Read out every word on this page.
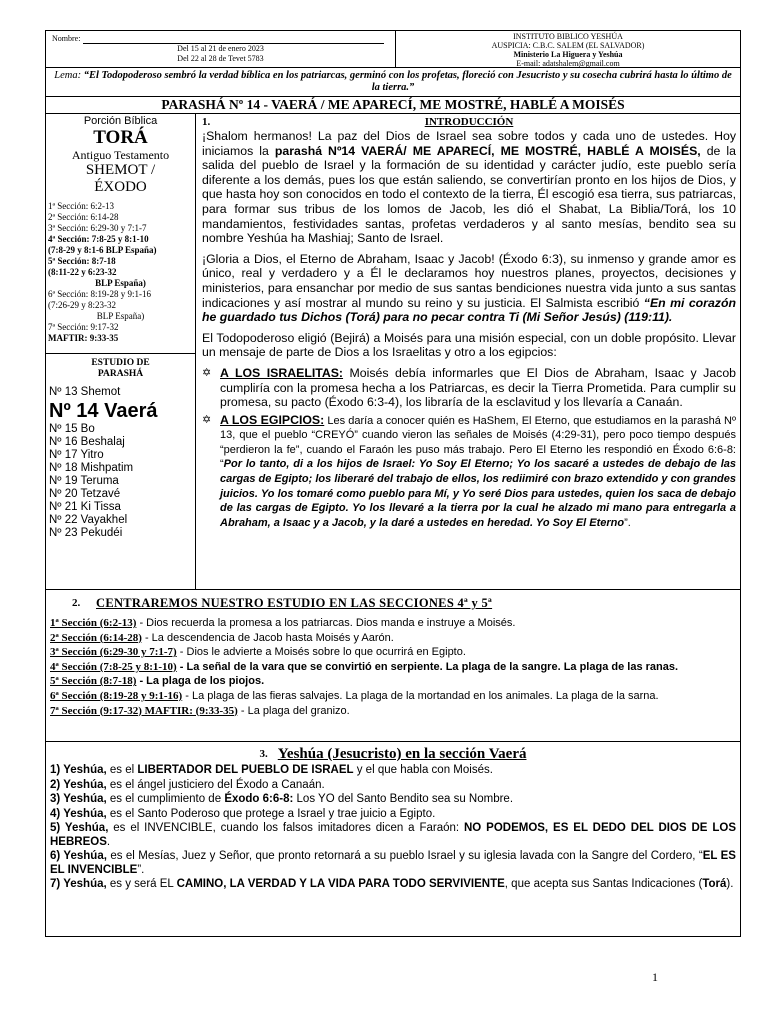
Nombre:
Del 15 al 21 de enero 2023
Del 22 al 28 de Tevet 5783
INSTITUTO BIBLICO YESHÚA
AUSPICIA: C.B.C. SALEM (EL SALVADOR)
Ministerio La Higuera y Yeshúa
E-mail: adatshalem@gmail.com
Lema: “El Todopoderoso sembró la verdad bíblica en los patriarcas, germinó con los profetas, floreció con Jesucristo y su cosecha cubrirá hasta lo último de la tierra.”
PARASHÁ Nº 14 - VAERÁ / ME APARECÍ, ME MOSTRÉ, HABLÉ A MOISÉS
Porción Bíblica
TORÁ
Antiguo Testamento
SHEMOT /
ÉXODO
1ª Sección: 6:2-13
2ª Sección: 6:14-28
3ª Sección: 6:29-30 y 7:1-7
4ª Sección: 7:8-25 y 8:1-10
(7:8-29 y 8:1-6 BLP España)
5ª Sección: 8:7-18
(8:11-22 y 6:23-32
BLP España)
6ª Sección: 8:19-28 y 9:1-16
(7:26-29 y 8:23-32
BLP España)
7ª Sección: 9:17-32
MAFTIR: 9:33-35
ESTUDIO DE
PARASHÁ
Nº 13 Shemot
Nº 14 Vaerá
Nº 15 Bo
Nº 16 Beshalaj
Nº 17 Yitro
Nº 18 Mishpatim
Nº 19 Teruma
Nº 20 Tetzavé
Nº 21 Ki Tissa
Nº 22 Vayakhel
Nº 23 Pekudéi
1.	INTRODUCCIÓN

¡Shalom hermanos! La paz del Dios de Israel sea sobre todos y cada uno de ustedes. Hoy iniciamos la parashá Nº14 VAERÁ/ ME APARECÍ, ME MOSTRÉ, HABLÉ A MOISÉS, de la salida del pueblo de Israel y la formación de su identidad y carácter judío, este pueblo sería diferente a los demás, pues los que están saliendo, se convertirían pronto en los hijos de Dios, y que hasta hoy son conocidos en todo el contexto de la tierra, Él escogió esa tierra, sus patriarcas, para formar sus tribus de los lomos de Jacob, les dió el Shabat, La Biblia/Torá, los 10 mandamientos, festividades santas, profetas verdaderos y al santo mesías, bendito sea su nombre Yeshúa ha Mashiaj; Santo de Israel.

¡Gloria a Dios, el Eterno de Abraham, Isaac y Jacob! (Éxodo 6:3), su inmenso y grande amor es único, real y verdadero y a Él le declaramos hoy nuestros planes, proyectos, decisiones y ministerios, para ensanchar por medio de sus santas bendiciones nuestra vida junto a sus santas indicaciones y así mostrar al mundo su reino y su justicia. El Salmista escribió “En mi corazón he guardado tus Dichos (Torá) para no pecar contra Ti (Mi Señor Jesús) (119:11).

El Todopoderoso eligió (Bejirá) a Moisés para una misión especial, con un doble propósito. Llevar un mensaje de parte de Dios a los Israelitas y otro a los egipcios:

✡ A LOS ISRAELITAS: Moisés debía informarles que El Dios de Abraham, Isaac y Jacob cumpliría con la promesa hecha a los Patriarcas, es decir la Tierra Prometida. Para cumplir su promesa, su pacto (Éxodo 6:3-4), los libraría de la esclavitud y los llevaría a Canaán.
✡ A LOS EGIPCIOS: Les daría a conocer quién es HaShem, El Eterno, que estudiamos en la parashá Nº 13, que el pueblo “CREYÓ” cuando vieron las señales de Moisés (4:29-31), pero poco tiempo después “perdieron la fe”, cuando el Faraón les puso más trabajo. Pero El Eterno les respondió en Éxodo 6:6-8: “Por lo tanto, di a los hijos de Israel: Yo Soy El Eterno; Yo los sacaré a ustedes de debajo de las cargas de Egipto; los liberaré del trabajo de ellos, los rediimiré con brazo extendido y con grandes juicios. Yo los tomaré como pueblo para Mí, y Yo seré Dios para ustedes, quien los saca de debajo de las cargas de Egipto. Yo los llevaré a la tierra por la cual he alzado mi mano para entregarla a Abraham, a Isaac y a Jacob, y la daré a ustedes en heredad. Yo Soy El Eterno”.
2.	CENTRAREMOS NUESTRO ESTUDIO EN LAS SECCIONES 4ª y 5ª
1ª Sección (6:2-13) - Dios recuerda la promesa a los patriarcas. Dios manda e instruye a Moisés.
2ª Sección (6:14-28) - La descendencia de Jacob hasta Moisés y Aarón.
3ª Sección (6:29-30 y 7:1-7) - Dios le advierte a Moisés sobre lo que ocurrirá en Egipto.
4ª Sección (7:8-25 y 8:1-10) - La señal de la vara que se convirtió en serpiente. La plaga de la sangre. La plaga de las ranas.
5ª Sección (8:7-18) - La plaga de los piojos.
6ª Sección (8:19-28 y 9:1-16) - La plaga de las fieras salvajes. La plaga de la mortandad en los animales. La plaga de la sarna.
7ª Sección (9:17-32) MAFTIR: (9:33-35) - La plaga del granizo.
3. Yeshúa (Jesucristo) en la sección Vaerá
1) Yeshúa, es el LIBERTADOR DEL PUEBLO DE ISRAEL y el que habla con Moisés.
2) Yeshúa, es el ángel justiciero del Éxodo a Canaán.
3) Yeshúa, es el cumplimiento de Éxodo 6:6-8: Los YO del Santo Bendito sea su Nombre.
4) Yeshúa, es el Santo Poderoso que protege a Israel y trae juicio a Egipto.
5) Yeshúa, es el INVENCIBLE, cuando los falsos imitadores dicen a Faraón: NO PODEMOS, ES EL DEDO DEL DIOS DE LOS HEBREOS.
6) Yeshúa, es el Mesías, Juez y Señor, que pronto retornará a su pueblo Israel y su iglesia lavada con la Sangre del Cordero, “EL ES EL INVENCIBLE”.
7) Yeshúa, es y será EL CAMINO, LA VERDAD Y LA VIDA PARA TODO SERVIVIENTE, que acepta sus Santas Indicaciones (Torá).
1
